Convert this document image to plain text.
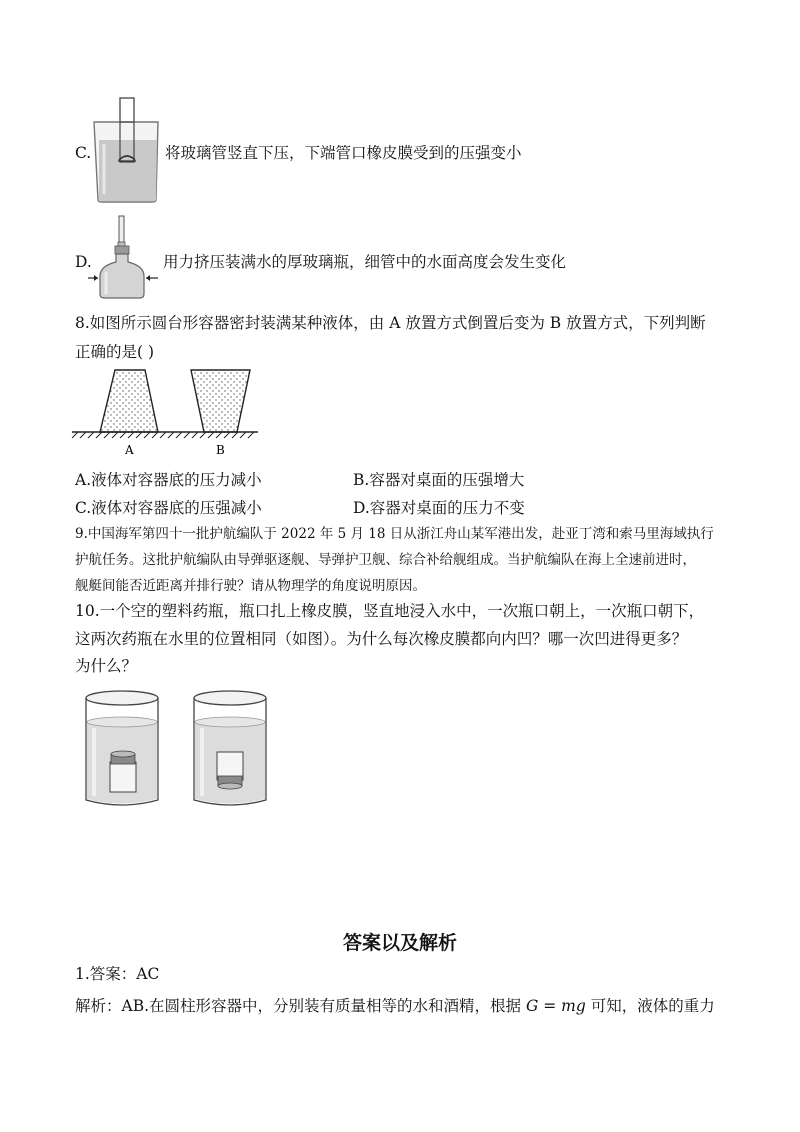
C.	将玻璃管竖直下压，下端管口橡皮膜受到的压强变小
D.	用力挤压装满水的厚玻璃瓶，细管中的水面高度会发生变化
8.如图所示圆台形容器密封装满某种液体，由 A 放置方式倒置后变为 B 放置方式，下列判断
正确的是( )
A	B
A.液体对容器底的压力减小	B.容器对桌面的压强增大
C.液体对容器底的压强减小	D.容器对桌面的压力不变
9.中国海军第四十一批护航编队于 2022 年 5 月 18 日从浙江舟山某军港出发，赴亚丁湾和索马里海域执行
护航任务。这批护航编队由导弹驱逐舰、导弹护卫舰、综合补给舰组成。当护航编队在海上全速前进时，
舰艇间能否近距离并排行驶？请从物理学的角度说明原因。
10.一个空的塑料药瓶，瓶口扎上橡皮膜，竖直地浸入水中，一次瓶口朝上，一次瓶口朝下，
这两次药瓶在水里的位置相同（如图）。为什么每次橡皮膜都向内凹？哪一次凹进得更多？
为什么？
答案以及解析
1.答案：AC
解析：AB.在圆柱形容器中，分别装有质量相等的水和酒精，根据 G = mg 可知，液体的重力
